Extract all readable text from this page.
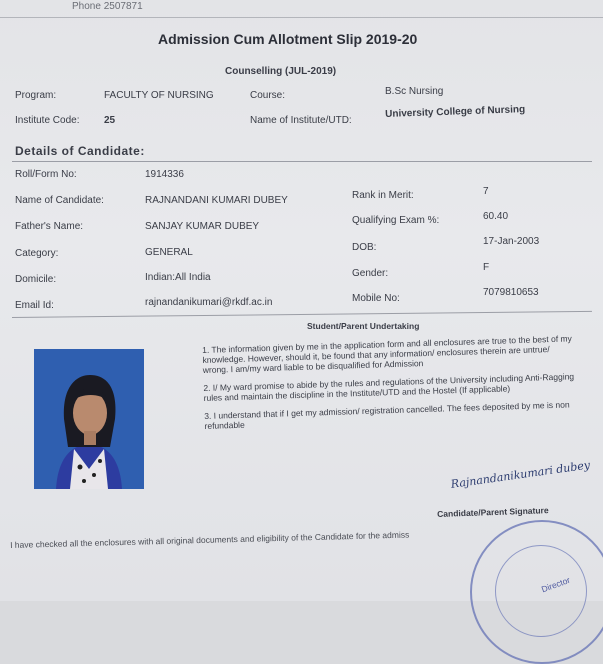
Phone 2507871
Admission Cum Allotment Slip 2019-20
Counselling (JUL-2019)
Program:	FACULTY OF NURSING	Course:	B.Sc Nursing
Institute Code: 25	Name of Institute/UTD:
University College of Nursing
Details of Candidate:
Roll/Form No:	1914336
Name of Candidate:	RAJNANDANI KUMARI DUBEY	Rank in Merit:	7
Father's Name:	SANJAY KUMAR DUBEY
Qualifying Exam %:	60.40
Category:	GENERAL	DOB:
17-Jan-2003
Domicile:	Indian:All India	Gender:
F
Email Id:	rajnandanikumari@rkdf.ac.in	Mobile No:
7079810653
Student/Parent Undertaking

1. The information given by me in the application form and all enclosures are true to the best of my knowledge. However, should it, be found that any information/ enclosures therein are untrue/ wrong. I am/my ward liable to be disqualified for Admission

2. I/ My ward promise to abide by the rules and regulations of the University including Anti-Ragging rules and maintain the discipline in the Institute/UTD and the Hostel (If applicable)

3. I understand that if I get my admission/ registration cancelled. The fees deposited by me is non refundable

Rajnandanikumari dubey
Candidate/Parent Signature
I have checked all the enclosures with all original documents and eligibility of the Candidate for the admiss
Director
